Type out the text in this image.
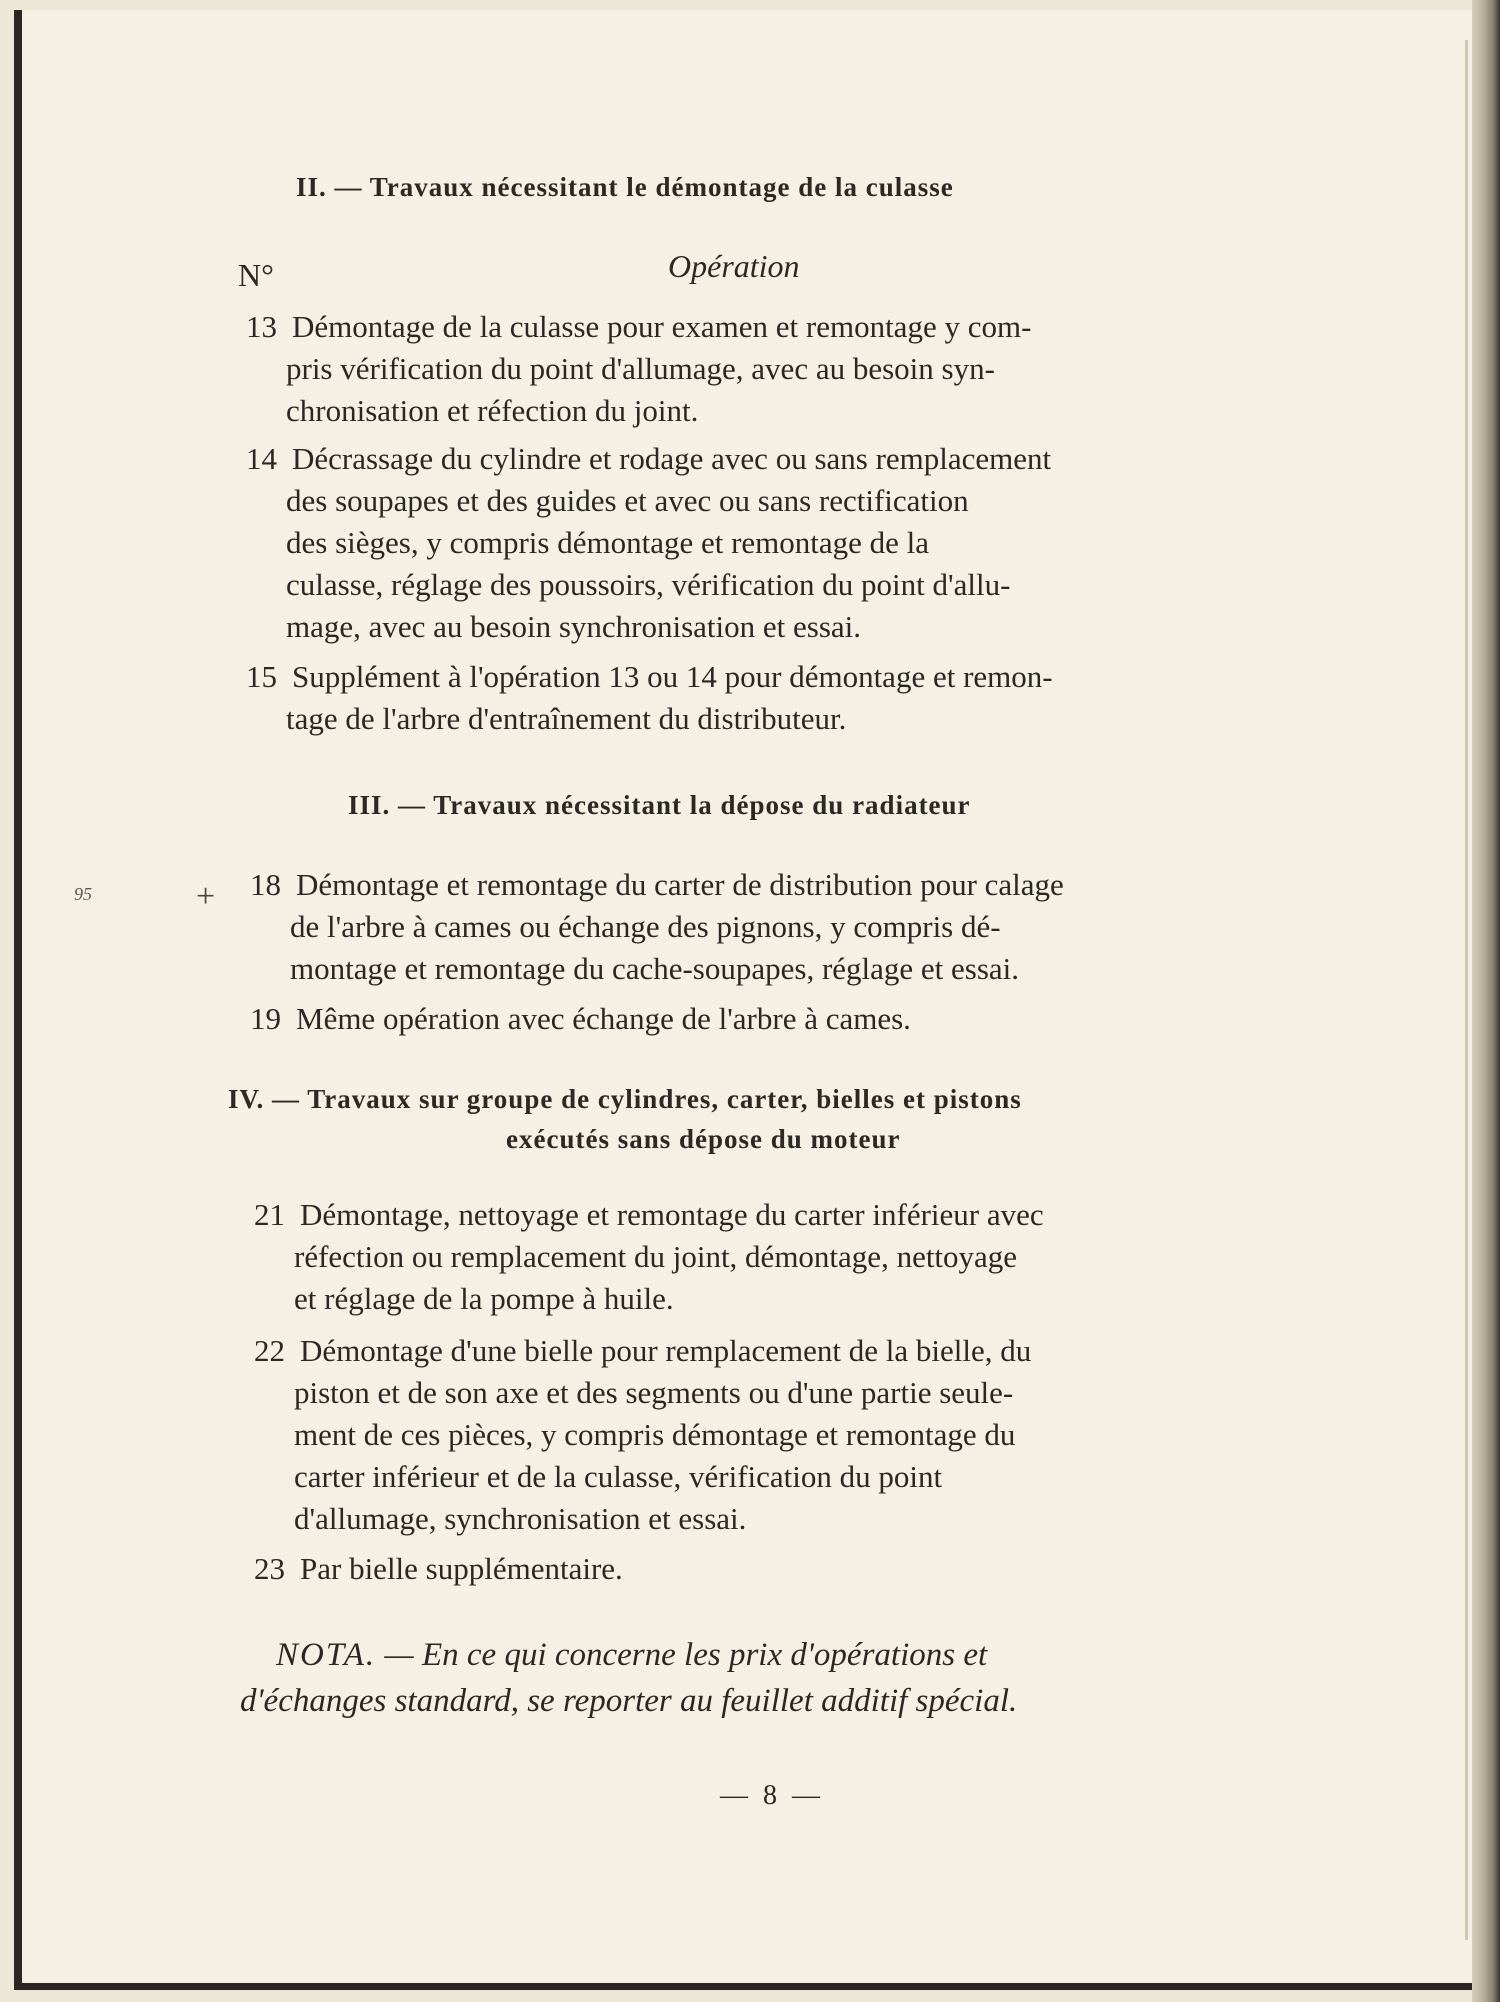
II. — Travaux nécessitant le démontage de la culasse
N°	Opération
13 Démontage de la culasse pour examen et remontage y com-
pris vérification du point d'allumage, avec au besoin syn-
chronisation et réfection du joint.
14 Décrassage du cylindre et rodage avec ou sans remplacement
des soupapes et des guides et avec ou sans rectification
des sièges, y compris démontage et remontage de la
culasse, réglage des poussoirs, vérification du point d'allu-
mage, avec au besoin synchronisation et essai.
15 Supplément à l'opération 13 ou 14 pour démontage et remon-
tage de l'arbre d'entraînement du distributeur.
III. — Travaux nécessitant la dépose du radiateur
95	+ 18 Démontage et remontage du carter de distribution pour calage
de l'arbre à cames ou échange des pignons, y compris dé-
montage et remontage du cache-soupapes, réglage et essai.
19 Même opération avec échange de l'arbre à cames.
IV. — Travaux sur groupe de cylindres, carter, bielles et pistons
exécutés sans dépose du moteur
21 Démontage, nettoyage et remontage du carter inférieur avec
réfection ou remplacement du joint, démontage, nettoyage
et réglage de la pompe à huile.
22 Démontage d'une bielle pour remplacement de la bielle, du
piston et de son axe et des segments ou d'une partie seule-
ment de ces pièces, y compris démontage et remontage du
carter inférieur et de la culasse, vérification du point
d'allumage, synchronisation et essai.
23 Par bielle supplémentaire.
NOTA. — En ce qui concerne les prix d'opérations et
d'échanges standard, se reporter au feuillet additif spécial.
— 8 —
